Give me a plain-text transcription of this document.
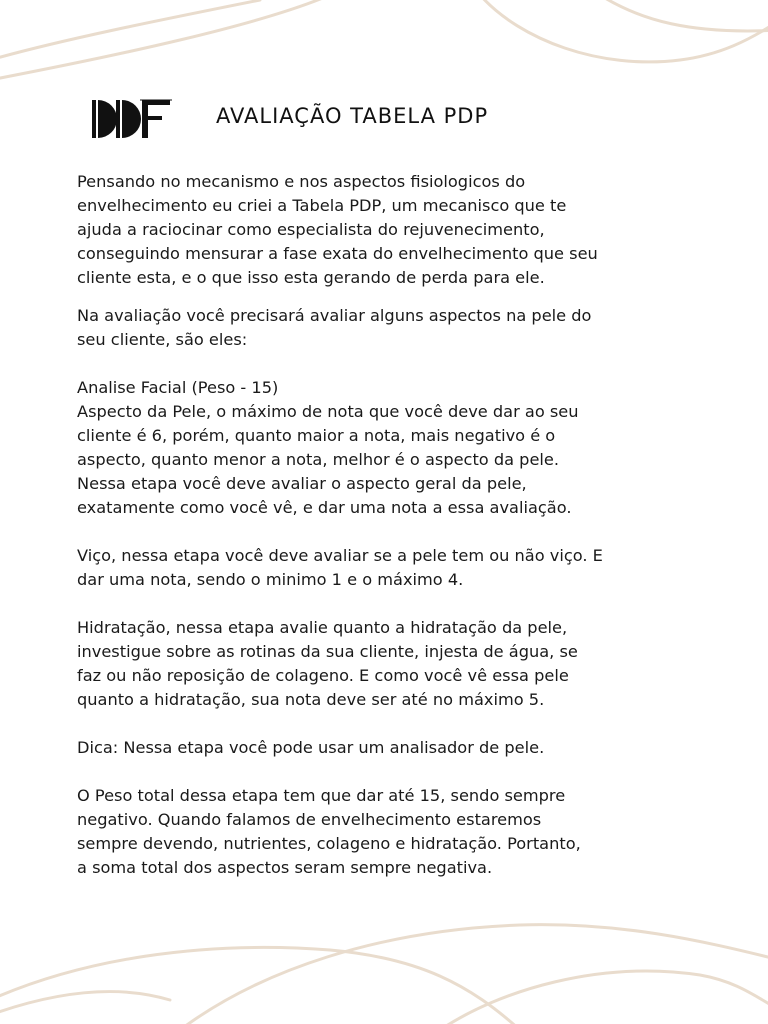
AVALIAÇÃO TABELA PDP

Pensando no mecanismo e nos aspectos fisiologicos do
envelhecimento eu criei a Tabela PDP, um mecanisco que te
ajuda a raciocinar como especialista do rejuvenecimento,
conseguindo mensurar a fase exata do envelhecimento que seu
cliente esta, e o que isso esta gerando de perda para ele.

Na avaliação você precisará avaliar alguns aspectos na pele do
seu cliente, são eles:

Analise Facial (Peso - 15)
Aspecto da Pele, o máximo de nota que você deve dar ao seu
cliente é 6, porém, quanto maior a nota, mais negativo é o
aspecto, quanto menor a nota, melhor é o aspecto da pele.
Nessa etapa você deve avaliar o aspecto geral da pele,
exatamente como você vê, e dar uma nota a essa avaliação.

Viço, nessa etapa você deve avaliar se a pele tem ou não viço. E
dar uma nota, sendo o minimo 1 e o máximo 4.

Hidratação, nessa etapa avalie quanto a hidratação da pele,
investigue sobre as rotinas da sua cliente, injesta de água, se
faz ou não reposição de colageno. E como você vê essa pele
quanto a hidratação, sua nota deve ser até no máximo 5.

Dica: Nessa etapa você pode usar um analisador de pele.

O Peso total dessa etapa tem que dar até 15, sendo sempre
negativo. Quando falamos de envelhecimento estaremos
sempre devendo, nutrientes, colageno e hidratação. Portanto,
a soma total dos aspectos seram sempre negativa.
